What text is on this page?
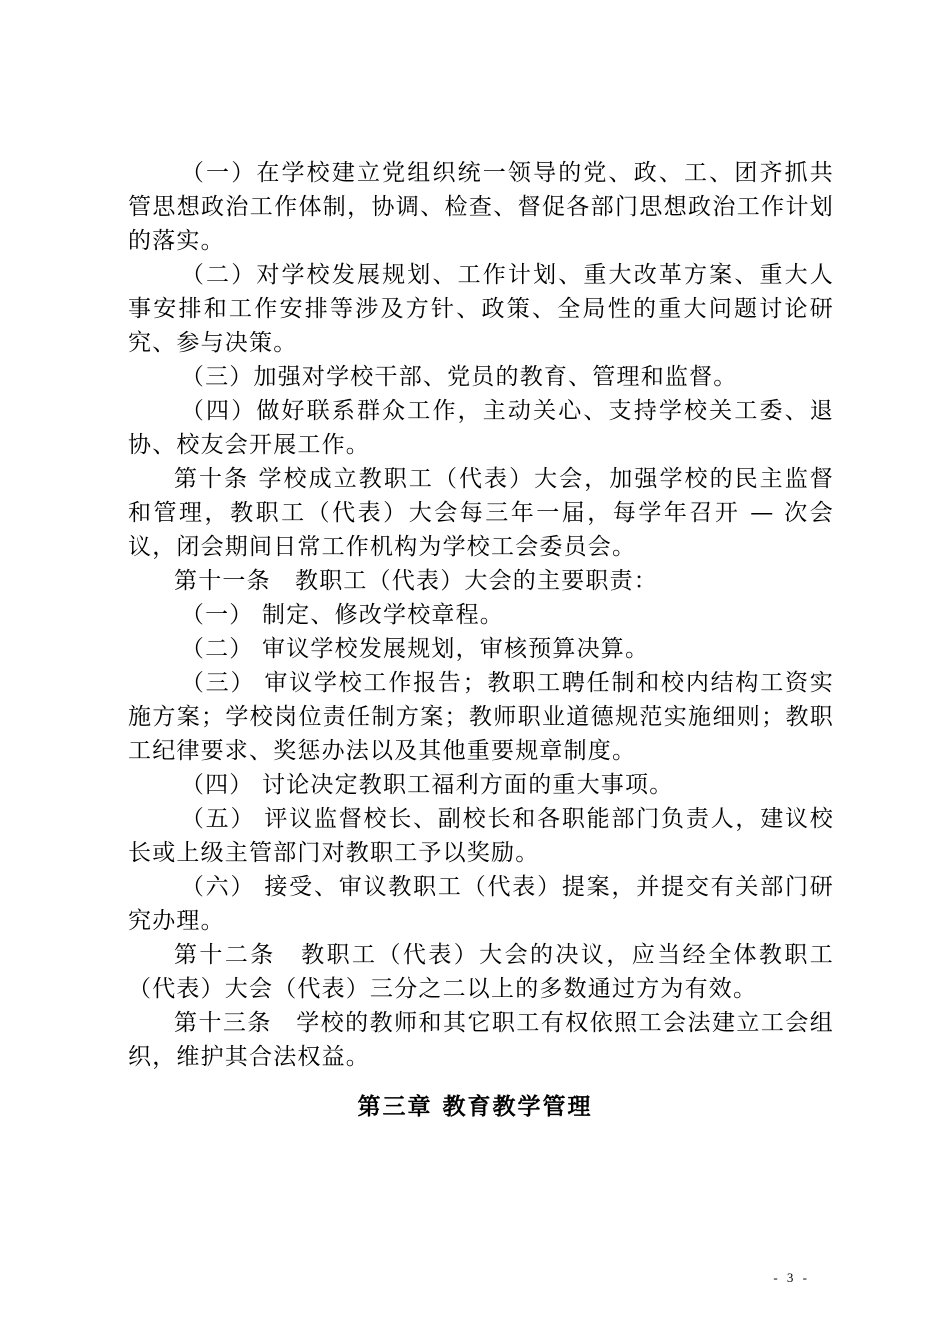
（一）在学校建立党组织统一领导的党、政、工、团齐抓共管思想政治工作体制，协调、检查、督促各部门思想政治工作计划的落实。

（二）对学校发展规划、工作计划、重大改革方案、重大人事安排和工作安排等涉及方针、政策、全局性的重大问题讨论研究、参与决策。

（三）加强对学校干部、党员的教育、管理和监督。

（四）做好联系群众工作，主动关心、支持学校关工委、退协、校友会开展工作。

第十条 学校成立教职工（代表）大会，加强学校的民主监督和管理，教职工（代表）大会每三年一届，每学年召开 — 次会议，闭会期间日常工作机构为学校工会委员会。

第十一条　教职工（代表）大会的主要职责：

（一） 制定、修改学校章程。

（二） 审议学校发展规划，审核预算决算。

（三） 审议学校工作报告；教职工聘任制和校内结构工资实施方案；学校岗位责任制方案；教师职业道德规范实施细则；教职工纪律要求、奖惩办法以及其他重要规章制度。

（四） 讨论决定教职工福利方面的重大事项。

（五） 评议监督校长、副校长和各职能部门负责人，建议校长或上级主管部门对教职工予以奖励。

（六） 接受、审议教职工（代表）提案，并提交有关部门研究办理。

第十二条　教职工（代表）大会的决议，应当经全体教职工（代表）大会（代表）三分之二以上的多数通过方为有效。

第十三条　学校的教师和其它职工有权依照工会法建立工会组织，维护其合法权益。

第三章 教育教学管理
- 3 -
